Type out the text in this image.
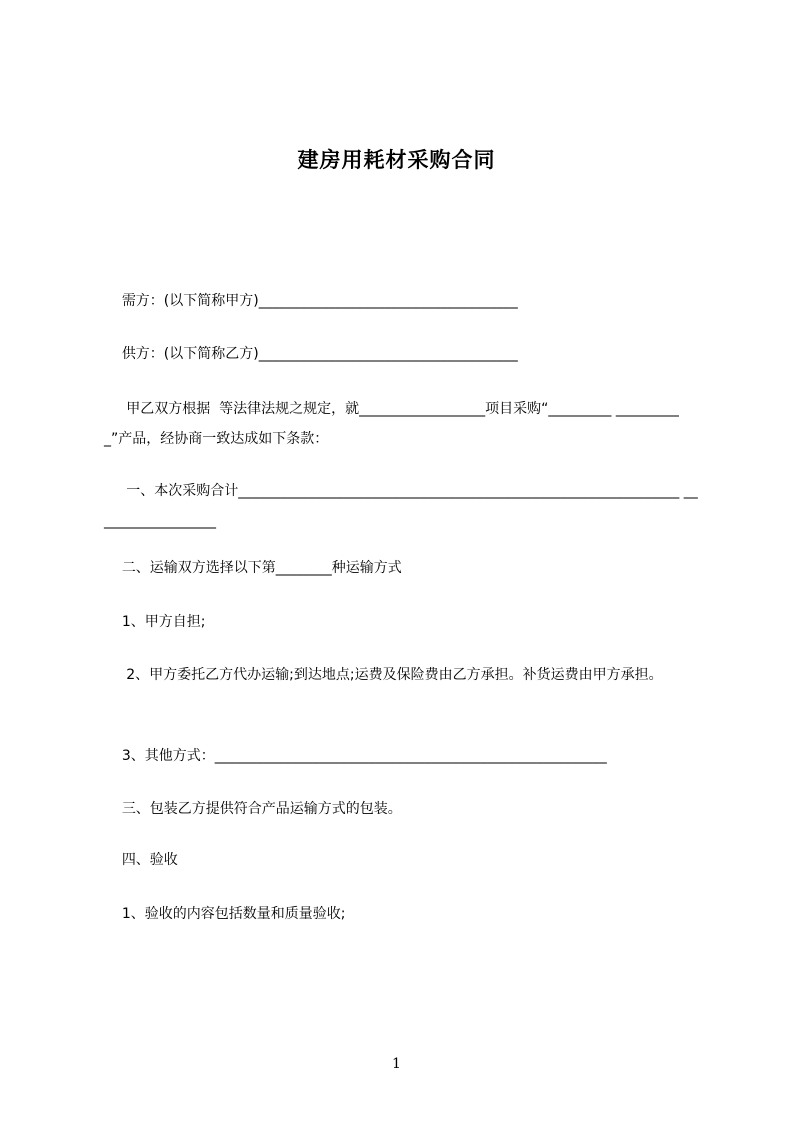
建房用耗材采购合同
需方：(以下简称甲方)_____________________________________
供方：(以下简称乙方)_____________________________________
甲乙双方根据  等法律法规之规定，就__________________项目采购“_________ __________”产品，经协商一致达成如下条款：
一、本次采购合计_______________________________________________________________ __________________
二、运输双方选择以下第________种运输方式
1、甲方自担;
2、甲方委托乙方代办运输;到达地点;运费及保险费由乙方承担。补货运费由甲方承担。
3、其他方式：________________________________________________________
三、包装乙方提供符合产品运输方式的包装。
四、验收
1、验收的内容包括数量和质量验收;
1
